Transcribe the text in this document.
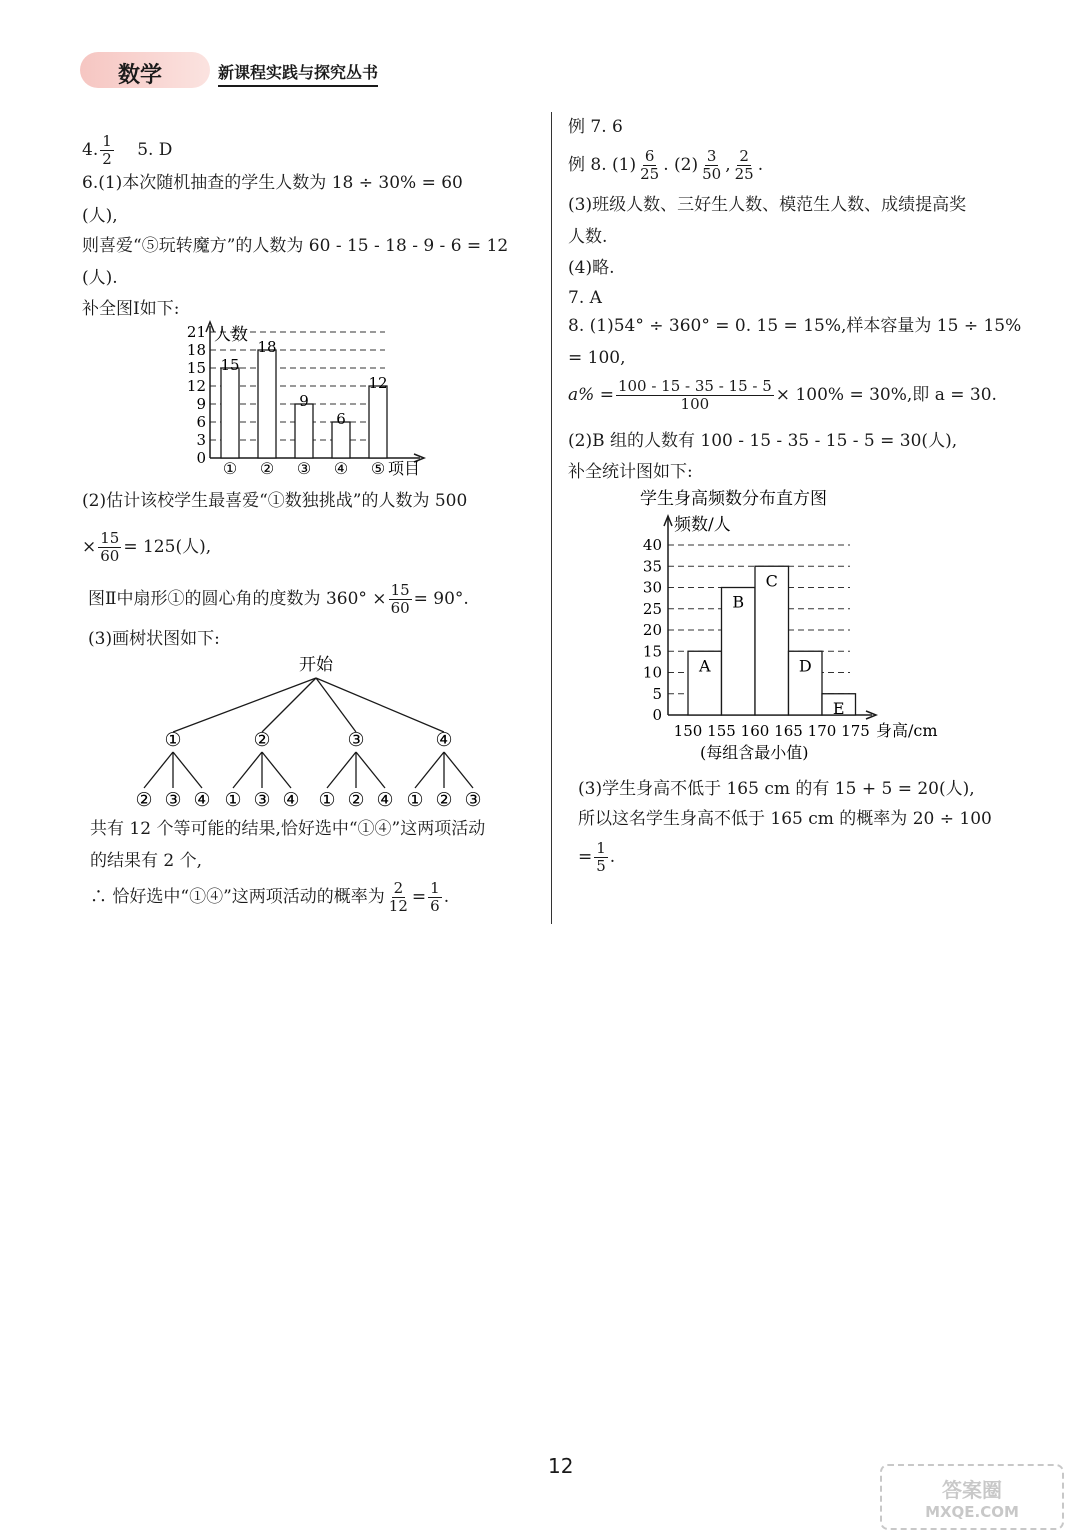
数学	新课程实践与探究丛书
4. $\frac{1}{2} 5$. D
6.(1)本次随机抽查的学生人数为 18 ÷ 30% = 60
(人),
则喜爱“⑤玩转魔方”的人数为 60 - 15 - 18 - 9 - 6 = 12
(人).
补全图Ⅰ如下:
0
3
6
9
12
15
18
21 人数
项目
15
①
18
②
9
③
6
④
12
⑤
(2)估计该校学生最喜爱“①数独挑战”的人数为 500
× $\frac{15}{60} = 125$(人),
图Ⅱ中扇形①的圆心角的度数为 $360^\circ \times \frac{15}{60} = 90^\circ$.
(3)画树状图如下:
开始
①
② ③ ④
②
① ③ ④
③
① ② ④
④
① ② ③
共有 12 个等可能的结果,恰好选中“①④”这两项活动
的结果有 2 个,
∴ 恰好选中“①④”这两项活动的概率为 $\frac{2}{12} = \frac{1}{6}$ .
例 7. 6
例 8. $(1) \frac{6}{25}$ . $(2) \frac{3}{50}$ , $\frac{2}{25}$ .
(3)班级人数、三好生人数、模范生人数、成绩提高奖
人数.
(4)略.
7. A
8. (1)54° ÷ 360° = 0. 15 = 15%,样本容量为 15 ÷ 15%
= 100,
$a\% = \frac{100 - 15 - 35 - 15 - 5}{100} \times 100\% = 30\%$,即 a = 30.
(2)B 组的人数有 100 - 15 - 35 - 15 - 5 = 30(人),
补全统计图如下:
学生身高频数分布直方图
0
5
10
15
20
25
30
35
40
频数/人
身高/cm
(每组含最小值)
150 155 160 165 170 175
A
B
C
D
E
(3)学生身高不低于 165 cm 的有 15 + 5 = 20(人),
所以这名学生身高不低于 165 cm 的概率为 20 ÷ 100
= $\frac{1}{5}$ .
12
答案圈
MXQE.COM
